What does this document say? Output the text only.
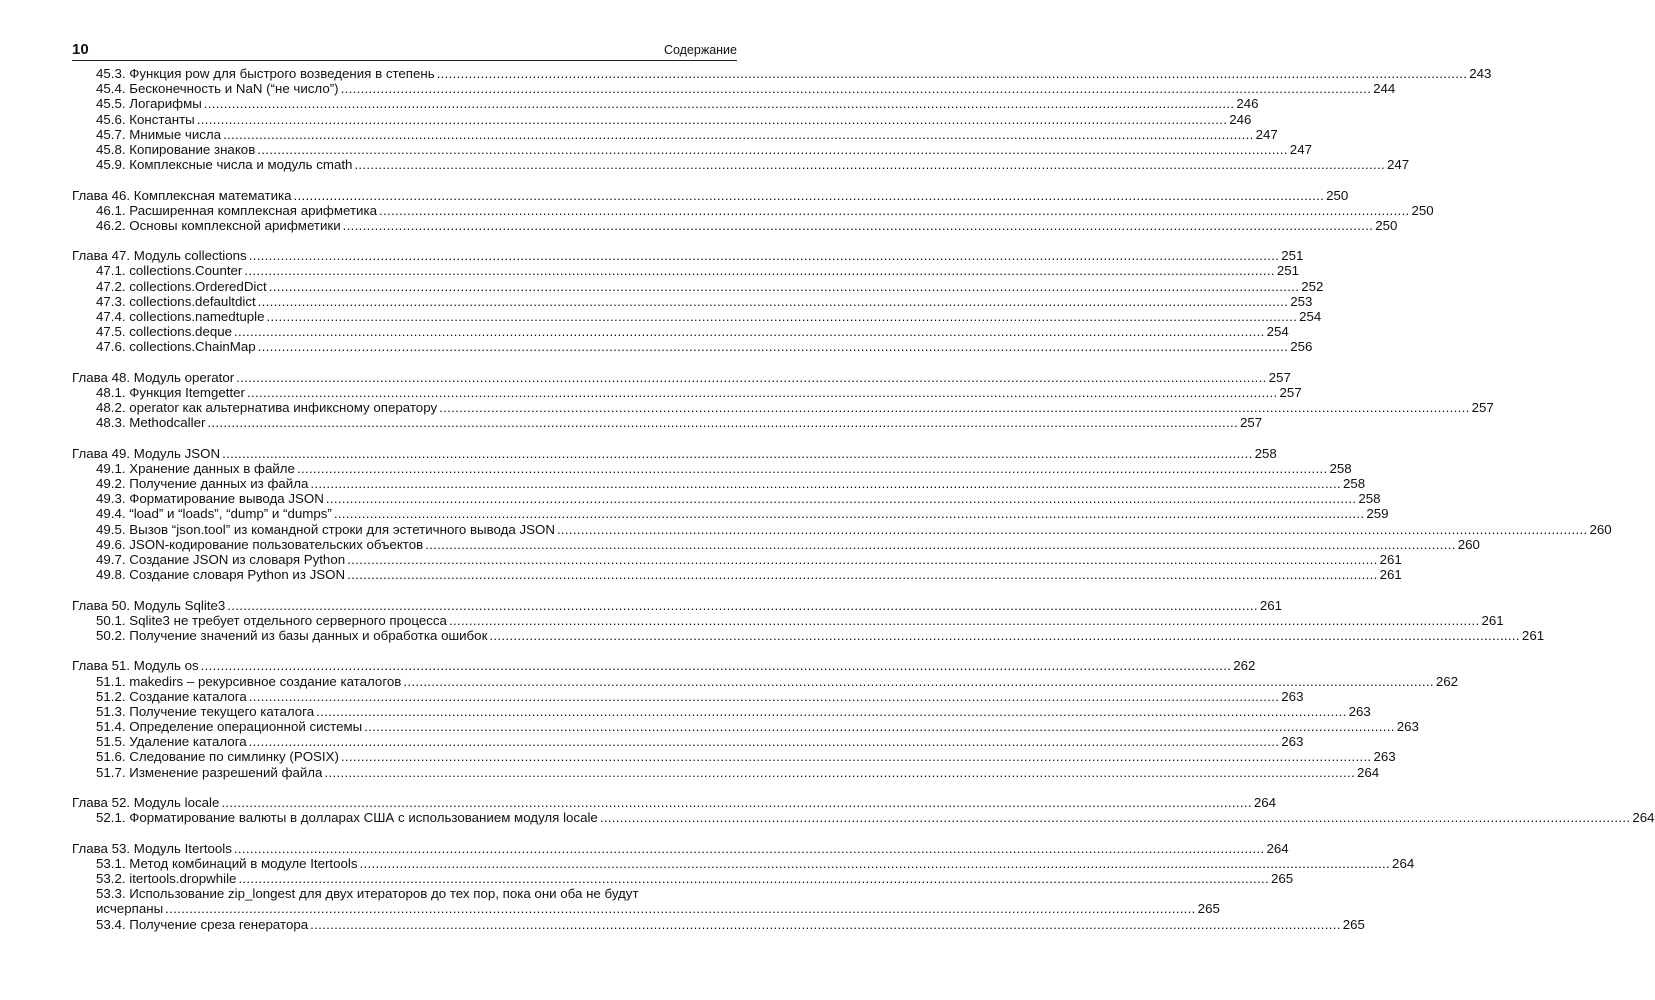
10	Содержание
45.3. Функция pow для быстрого возведения в степень .....	243
45.4. Бесконечность и NaN (“не число”) .....	244
45.5. Логарифмы .....	246
45.6. Константы .....	246
45.7. Мнимые числа .....	247
45.8. Копирование знаков .....	247
45.9. Комплексные числа и модуль cmath .....	247
Глава 46. Комплексная математика .....	250
46.1. Расширенная комплексная арифметика .....	250
46.2. Основы комплексной арифметики .....	250
Глава 47. Модуль collections .....	251
47.1. collections.Counter .....	251
47.2. collections.OrderedDict .....	252
47.3. collections.defaultdict .....	253
47.4. collections.namedtuple .....	254
47.5. collections.deque .....	254
47.6. collections.ChainMap .....	256
Глава 48. Модуль operator .....	257
48.1. Функция Itemgetter .....	257
48.2. operator как альтернатива инфиксному оператору .....	257
48.3. Methodcaller .....	257
Глава 49. Модуль JSON .....	258
49.1. Хранение данных в файле .....	258
49.2. Получение данных из файла .....	258
49.3. Форматирование вывода JSON .....	258
49.4. “load” и “loads”, “dump” и “dumps” .....	259
49.5. Вызов “json.tool” из командной строки для эстетичного вывода JSON .....	260
49.6. JSON-кодирование пользовательских объектов .....	260
49.7. Создание JSON из словаря Python .....	261
49.8. Создание словаря Python из JSON .....	261
Глава 50. Модуль Sqlite3 .....	261
50.1. Sqlite3 не требует отдельного серверного процесса .....	261
50.2. Получение значений из базы данных и обработка ошибок .....	261
Глава 51. Модуль os .....	262
51.1. makedirs – рекурсивное создание каталогов .....	262
51.2. Создание каталога .....	263
51.3. Получение текущего каталога .....	263
51.4. Определение операционной системы .....	263
51.5. Удаление каталога .....	263
51.6. Следование по симлинку (POSIX) .....	263
51.7. Изменение разрешений файла .....	264
Глава 52. Модуль locale .....	264
52.1. Форматирование валюты в долларах США с использованием модуля locale .....	264
Глава 53. Модуль Itertools .....	264
53.1. Метод комбинаций в модуле Itertools .....	264
53.2. itertools.dropwhile .....	265
53.3. Использование zip_longest для двух итераторов до тех пор, пока они оба не будут
исчерпаны .....	265
53.4. Получение среза генератора .....	265
